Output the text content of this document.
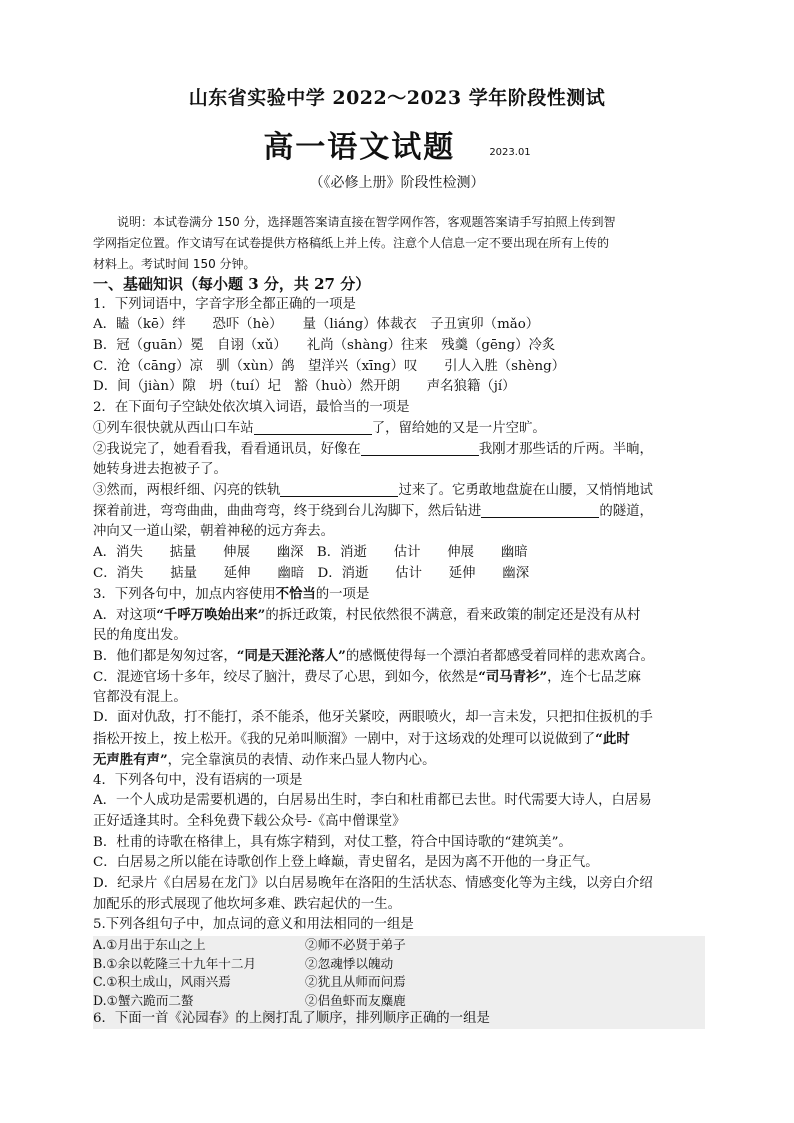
山东省实验中学 2022～2023 学年阶段性测试
高一语文试题	2023.01
（《必修上册》阶段性检测）
说明：本试卷满分 150 分，选择题答案请直接在智学网作答，客观题答案请手写拍照上传到智
学网指定位置。作文请写在试卷提供方格稿纸上并上传。注意个人信息一定不要出现在所有上传的
材料上。考试时间 150 分钟。
一、基础知识（每小题 3 分，共 27 分）
1．下列词语中，字音字形全都正确的一项是
A．瞌（kē）绊　　恐吓（hè）　　量（liáng）体裁衣　子丑寅卯（mǎo）
B．冠（guān）冕　自诩（xǔ）　　礼尚（shàng）往来　残羹（gēng）冷炙
C．沧（cāng）凉　驯（xùn）鸽　望洋兴（xīng）叹　　引人入胜（shèng）
D．间（jiàn）隙　坍（tuí）圮　豁（huò）然开朗　　声名狼籍（jí）
2．在下面句子空缺处依次填入词语，最恰当的一项是
①列车很快就从西山口车站	了，留给她的又是一片空旷。
②我说完了，她看看我，看看通讯员，好像在	我刚才那些话的斤两。半晌，
她转身进去抱被子了。
③然而，两根纤细、闪亮的铁轨	过来了。它勇敢地盘旋在山腰，又悄悄地试
探着前进，弯弯曲曲，曲曲弯弯，终于绕到台儿沟脚下，然后钻进	的隧道，
冲向又一道山梁，朝着神秘的远方奔去。
A．消失　　掂量　　伸展　　幽深　B．消逝　　估计　　伸展　　幽暗
C．消失　　掂量　　延伸　　幽暗　D．消逝　　估计　　延伸　　幽深
3．下列各句中，加点内容使用不恰当的一项是
A．对这项“千呼万唤始出来”的拆迁政策，村民依然很不满意，看来政策的制定还是没有从村
民的角度出发。
B．他们都是匆匆过客，“同是天涯沦落人”的感慨使得每一个漂泊者都感受着同样的悲欢离合。
C．混迹官场十多年，绞尽了脑汁，费尽了心思，到如今，依然是“司马青衫”，连个七品芝麻
官都没有混上。
D．面对仇敌，打不能打，杀不能杀，他牙关紧咬，两眼喷火，却一言未发，只把扣住扳机的手
指松开按上，按上松开。《我的兄弟叫顺溜》一剧中，对于这场戏的处理可以说做到了“此时
无声胜有声”，完全靠演员的表情、动作来凸显人物内心。
4．下列各句中，没有语病的一项是
A．一个人成功是需要机遇的，白居易出生时，李白和杜甫都已去世。时代需要大诗人，白居易
正好适逢其时。全科免费下载公众号-《高中僧课堂》
B．杜甫的诗歌在格律上，具有炼字精到，对仗工整，符合中国诗歌的“建筑美”。
C．白居易之所以能在诗歌创作上登上峰巅，青史留名，是因为离不开他的一身正气。
D．纪录片《白居易在龙门》以白居易晚年在洛阳的生活状态、情感变化等为主线，以旁白介绍
加配乐的形式展现了他坎坷多难、跌宕起伏的一生。
5.下列各组句子中，加点词的意义和用法相同的一组是
A.①月出于东山之上	②师不必贤于弟子
B.①余以乾隆三十九年十二月	②忽魂悸以魄动
C.①积土成山，风雨兴焉	②犹且从师而问焉
D.①蟹六跪而二螯	②侣鱼虾而友麋鹿
6．下面一首《沁园春》的上阕打乱了顺序，排列顺序正确的一组是
